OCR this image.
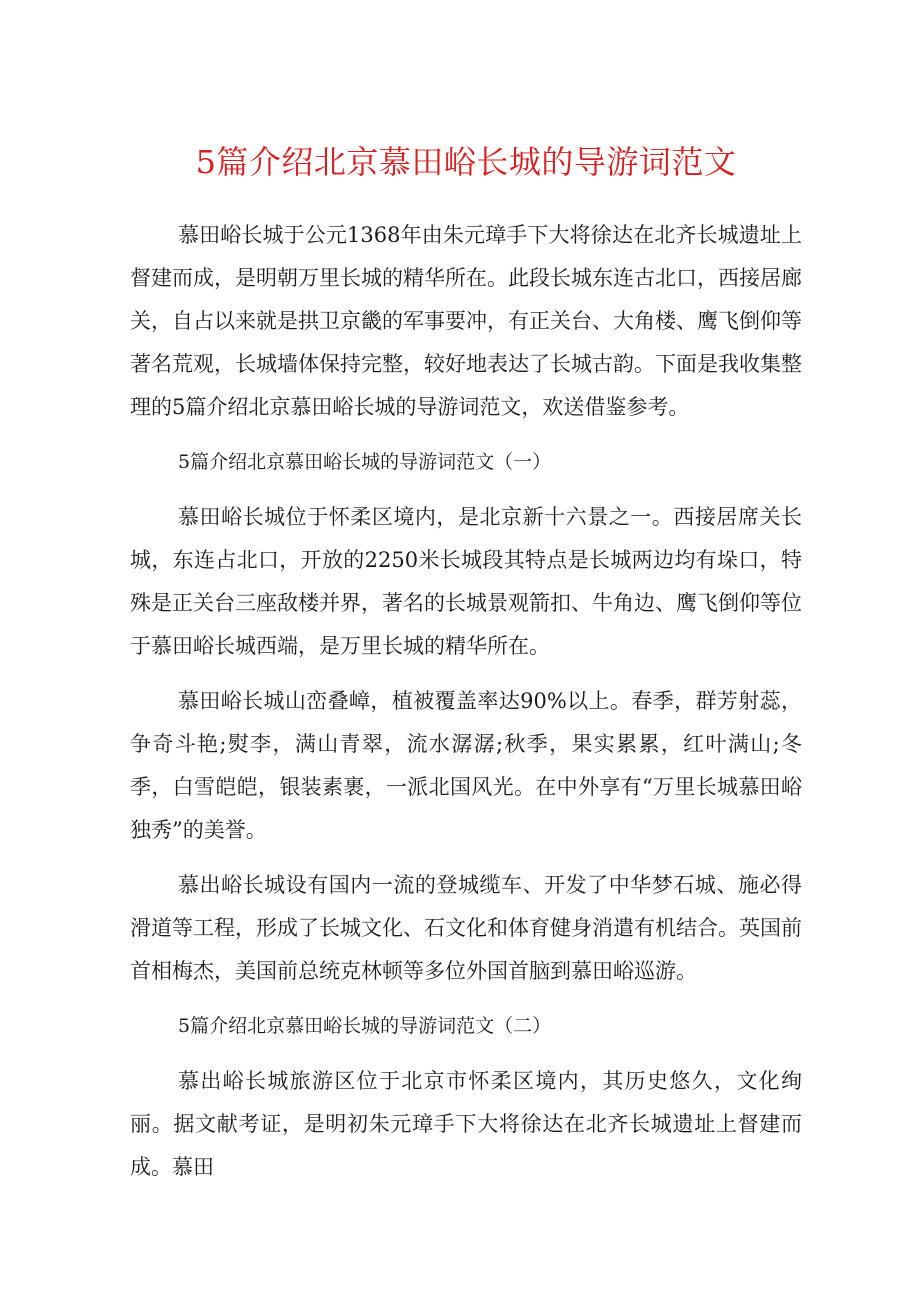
5篇介绍北京慕田峪长城的导游词范文

慕田峪长城于公元1368年由朱元璋手下大将徐达在北齐长城遗址上督建而成，是明朝万里长城的精华所在。此段长城东连古北口，西接居廊关，自占以来就是拱卫京畿的军事要冲，有正关台、大角楼、鹰飞倒仰等著名荒观，长城墙体保持完整，较好地表达了长城古韵。下面是我收集整理的5篇介绍北京慕田峪长城的导游词范文，欢送借鉴参考。

5篇介绍北京慕田峪长城的导游词范文（一）

慕田峪长城位于怀柔区境内，是北京新十六景之一。西接居席关长城，东连占北口，开放的2250米长城段其特点是长城两边均有垛口，特殊是正关台三座敌楼并界，著名的长城景观箭扣、牛角边、鹰飞倒仰等位于慕田峪长城西端，是万里长城的精华所在。

慕田峪长城山峦叠嶂，植被覆盖率达90%以上。春季，群芳射蕊，争奇斗艳;熨李，满山青翠，流水潺潺;秋季，果实累累，红叶满山;冬季，白雪皑皑，银装素裹，一派北国风光。在中外享有“万里长城慕田峪独秀”的美誉。

慕出峪长城设有国内一流的登城缆车、开发了中华梦石城、施必得滑道等工程，形成了长城文化、石文化和体育健身消遣有机结合。英国前首相梅杰，美国前总统克林顿等多位外国首脑到慕田峪巡游。

5篇介绍北京慕田峪长城的导游词范文（二）

慕出峪长城旅游区位于北京市怀柔区境内，其历史悠久，文化绚丽。据文献考证，是明初朱元璋手下大将徐达在北齐长城遗址上督建而成。慕田
